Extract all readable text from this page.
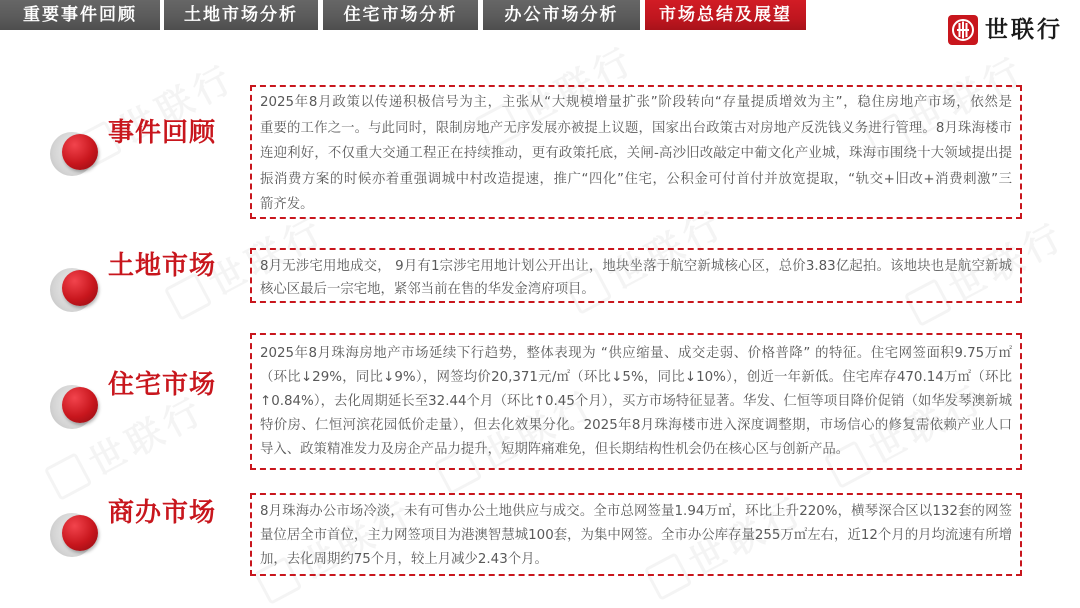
重要事件回顾	土地市场分析	住宅市场分析	办公市场分析	市场总结及展望
世联行
事件回顾
2025年8月政策以传递积极信号为主，主张从“大规模增量扩张”阶段转向“存量提质增效为主”，稳住房地产市场，依然是
重要的工作之一。与此同时，限制房地产无序发展亦被提上议题，国家出台政策古对房地产反洗钱义务进行管理。8月珠海楼市
连迎利好，不仅重大交通工程正在持续推动，更有政策托底，关闸-高沙旧改敲定中葡文化产业城，珠海市围绕十大领域提出提
振消费方案的时候亦着重强调城中村改造提速，推广“四化”住宅，公积金可付首付并放宽提取，“轨交+旧改+消费刺激”三
箭齐发。
土地市场	8月无涉宅用地成交， 9月有1宗涉宅用地计划公开出让，地块坐落于航空新城核心区，总价3.83亿起拍。该地块也是航空新城
核心区最后一宗宅地，紧邻当前在售的华发金湾府项目。
住宅市场
2025年8月珠海房地产市场延续下行趋势，整体表现为 “供应缩量、成交走弱、价格普降” 的特征。住宅网签面积9.75万㎡
（环比↓29%，同比↓9%），网签均价20,371元/㎡（环比↓5%，同比↓10%），创近一年新低。住宅库存470.14万㎡（环比
↑0.84%），去化周期延长至32.44个月（环比↑0.45个月），买方市场特征显著。华发、仁恒等项目降价促销（如华发琴澳新城
特价房、仁恒河滨花园低价走量），但去化效果分化。2025年8月珠海楼市进入深度调整期，市场信心的修复需依赖产业人口
导入、政策精准发力及房企产品力提升，短期阵痛难免，但长期结构性机会仍在核心区与创新产品。
商办市场	8月珠海办公市场冷淡，未有可售办公土地供应与成交。全市总网签量1.94万㎡，环比上升220%，横琴深合区以132套的网签
量位居全市首位，主力网签项目为港澳智慧城100套，为集中网签。全市办公库存量255万㎡左右，近12个月的月均流速有所增
加，去化周期约75个月，较上月减少2.43个月。
